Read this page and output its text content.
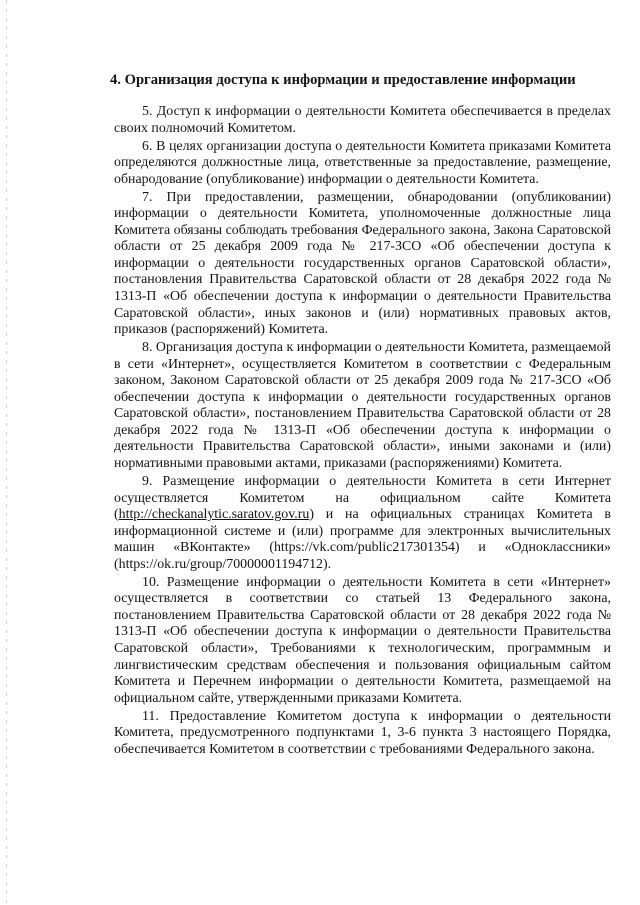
4. Организация доступа к информации и предоставление информации

5. Доступ к информации о деятельности Комитета обеспечивается в пределах своих полномочий Комитетом.

6. В целях организации доступа о деятельности Комитета приказами Комитета определяются должностные лица, ответственные за предоставление, размещение, обнародование (опубликование) информации о деятельности Комитета.

7. При предоставлении, размещении, обнародовании (опубликовании) информации о деятельности Комитета, уполномоченные должностные лица Комитета обязаны соблюдать требования Федерального закона, Закона Саратовской области от 25 декабря 2009 года № 217-ЗСО «Об обеспечении доступа к информации о деятельности государственных органов Саратовской области», постановления Правительства Саратовской области от 28 декабря 2022 года № 1313-П «Об обеспечении доступа к информации о деятельности Правительства Саратовской области», иных законов и (или) нормативных правовых актов, приказов (распоряжений) Комитета.

8. Организация доступа к информации о деятельности Комитета, размещаемой в сети «Интернет», осуществляется Комитетом в соответствии с Федеральным законом, Законом Саратовской области от 25 декабря 2009 года № 217-ЗСО «Об обеспечении доступа к информации о деятельности государственных органов Саратовской области», постановлением Правительства Саратовской области от 28 декабря 2022 года № 1313-П «Об обеспечении доступа к информации о деятельности Правительства Саратовской области», иными законами и (или) нормативными правовыми актами, приказами (распоряжениями) Комитета.

9. Размещение информации о деятельности Комитета в сети Интернет осуществляется Комитетом на официальном сайте Комитета (http://checkanalytic.saratov.gov.ru) и на официальных страницах Комитета в информационной системе и (или) программе для электронных вычислительных машин «ВКонтакте» (https://vk.com/public217301354) и «Одноклассники» (https://ok.ru/group/70000001194712).

10. Размещение информации о деятельности Комитета в сети «Интернет» осуществляется в соответствии со статьей 13 Федерального закона, постановлением Правительства Саратовской области от 28 декабря 2022 года № 1313-П «Об обеспечении доступа к информации о деятельности Правительства Саратовской области», Требованиями к технологическим, программным и лингвистическим средствам обеспечения и пользования официальным сайтом Комитета и Перечнем информации о деятельности Комитета, размещаемой на официальном сайте, утвержденными приказами Комитета.

11. Предоставление Комитетом доступа к информации о деятельности Комитета, предусмотренного подпунктами 1, 3-6 пункта 3 настоящего Порядка, обеспечивается Комитетом в соответствии с требованиями Федерального закона.
